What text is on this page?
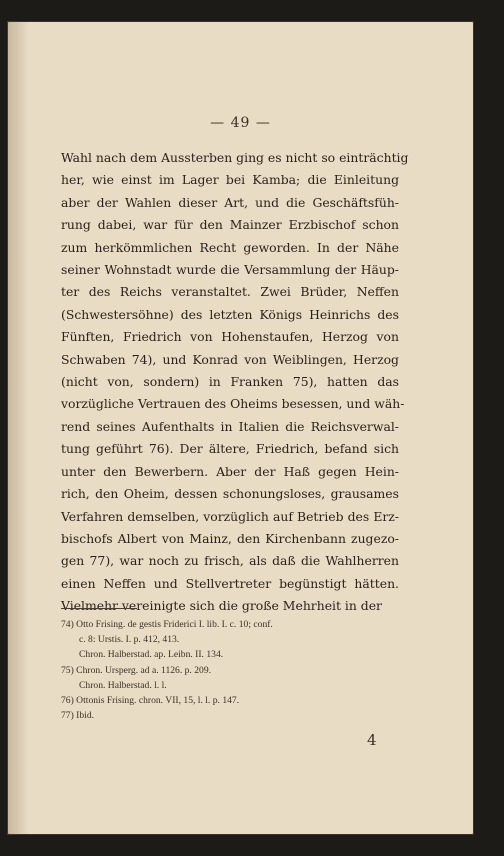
— 49 —
Wahl nach dem Aussterben ging es nicht so einträchtig
her, wie einst im Lager bei Kamba; die Einleitung
aber der Wahlen dieser Art, und die Geschäftsfüh-
rung dabei, war für den Mainzer Erzbischof schon
zum herkömmlichen Recht geworden. In der Nähe
seiner Wohnstadt wurde die Versammlung der Häup-
ter des Reichs veranstaltet. Zwei Brüder, Neffen
(Schwestersöhne) des letzten Königs Heinrichs des
Fünften, Friedrich von Hohenstaufen, Herzog von
Schwaben 74), und Konrad von Weiblingen, Herzog
(nicht von, sondern) in Franken 75), hatten das
vorzügliche Vertrauen des Oheims besessen, und wäh-
rend seines Aufenthalts in Italien die Reichsverwal-
tung geführt 76). Der ältere, Friedrich, befand sich
unter den Bewerbern. Aber der Haß gegen Hein-
rich, den Oheim, dessen schonungsloses, grausames
Verfahren demselben, vorzüglich auf Betrieb des Erz-
bischofs Albert von Mainz, den Kirchenbann zugezo-
gen 77), war noch zu frisch, als daß die Wahlherren
einen Neffen und Stellvertreter begünstigt hätten.
Vielmehr vereinigte sich die große Mehrheit in der
74) Otto Frising. de gestis Friderici I. lib. I. c. 10; conf.
c. 8: Urstis. I. p. 412, 413.
Chron. Halberstad. ap. Leibn. II. 134.
75) Chron. Ursperg. ad a. 1126. p. 209.
Chron. Halberstad. l. l.
76) Ottonis Frising. chron. VII, 15, l. l. p. 147.
77) Ibid.
4
